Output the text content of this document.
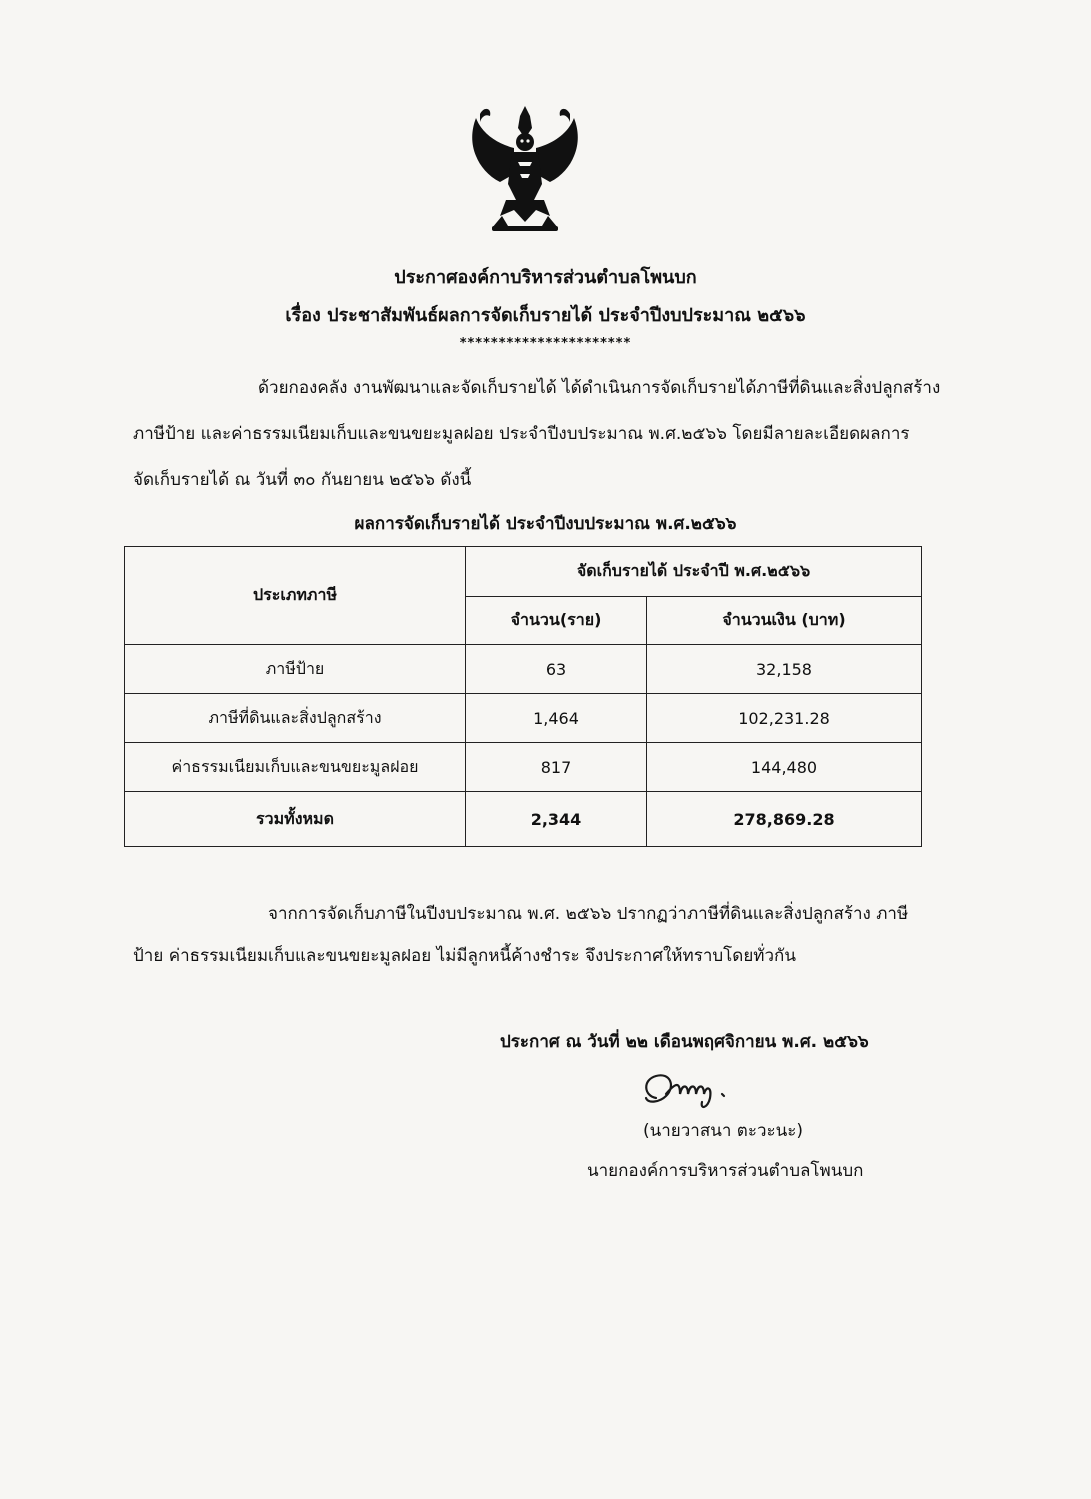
ประกาศองค์กาบริหารส่วนตำบลโพนบก
เรื่อง ประชาสัมพันธ์ผลการจัดเก็บรายได้ ประจำปีงบประมาณ ๒๕๖๖
**********************
ด้วยกองคลัง งานพัฒนาและจัดเก็บรายได้ ได้ดำเนินการจัดเก็บรายได้ภาษีที่ดินและสิ่งปลูกสร้าง
ภาษีป้าย และค่าธรรมเนียมเก็บและขนขยะมูลฝอย ประจำปีงบประมาณ พ.ศ.๒๕๖๖ โดยมีลายละเอียดผลการ
จัดเก็บรายได้ ณ วันที่ ๓๐ กันยายน ๒๕๖๖ ดังนี้
ผลการจัดเก็บรายได้ ประจำปีงบประมาณ พ.ศ.๒๕๖๖
ประเภทภาษี	จัดเก็บรายได้ ประจำปี พ.ศ.๒๕๖๖	
	จำนวน(ราย)	จำนวนเงิน (บาท)
ภาษีป้าย	63	32,158
ภาษีที่ดินและสิ่งปลูกสร้าง	1,464	102,231.28
ค่าธรรมเนียมเก็บและขนขยะมูลฝอย	817	144,480
รวมทั้งหมด	2,344	278,869.28
จากการจัดเก็บภาษีในปีงบประมาณ พ.ศ. ๒๕๖๖ ปรากฏว่าภาษีที่ดินและสิ่งปลูกสร้าง ภาษี
ป้าย ค่าธรรมเนียมเก็บและขนขยะมูลฝอย ไม่มีลูกหนี้ค้างชำระ จึงประกาศให้ทราบโดยทั่วกัน
ประกาศ ณ วันที่ ๒๒ เดือนพฤศจิกายน พ.ศ. ๒๕๖๖
(นายวาสนา ตะวะนะ)
นายกองค์การบริหารส่วนตำบลโพนบก
